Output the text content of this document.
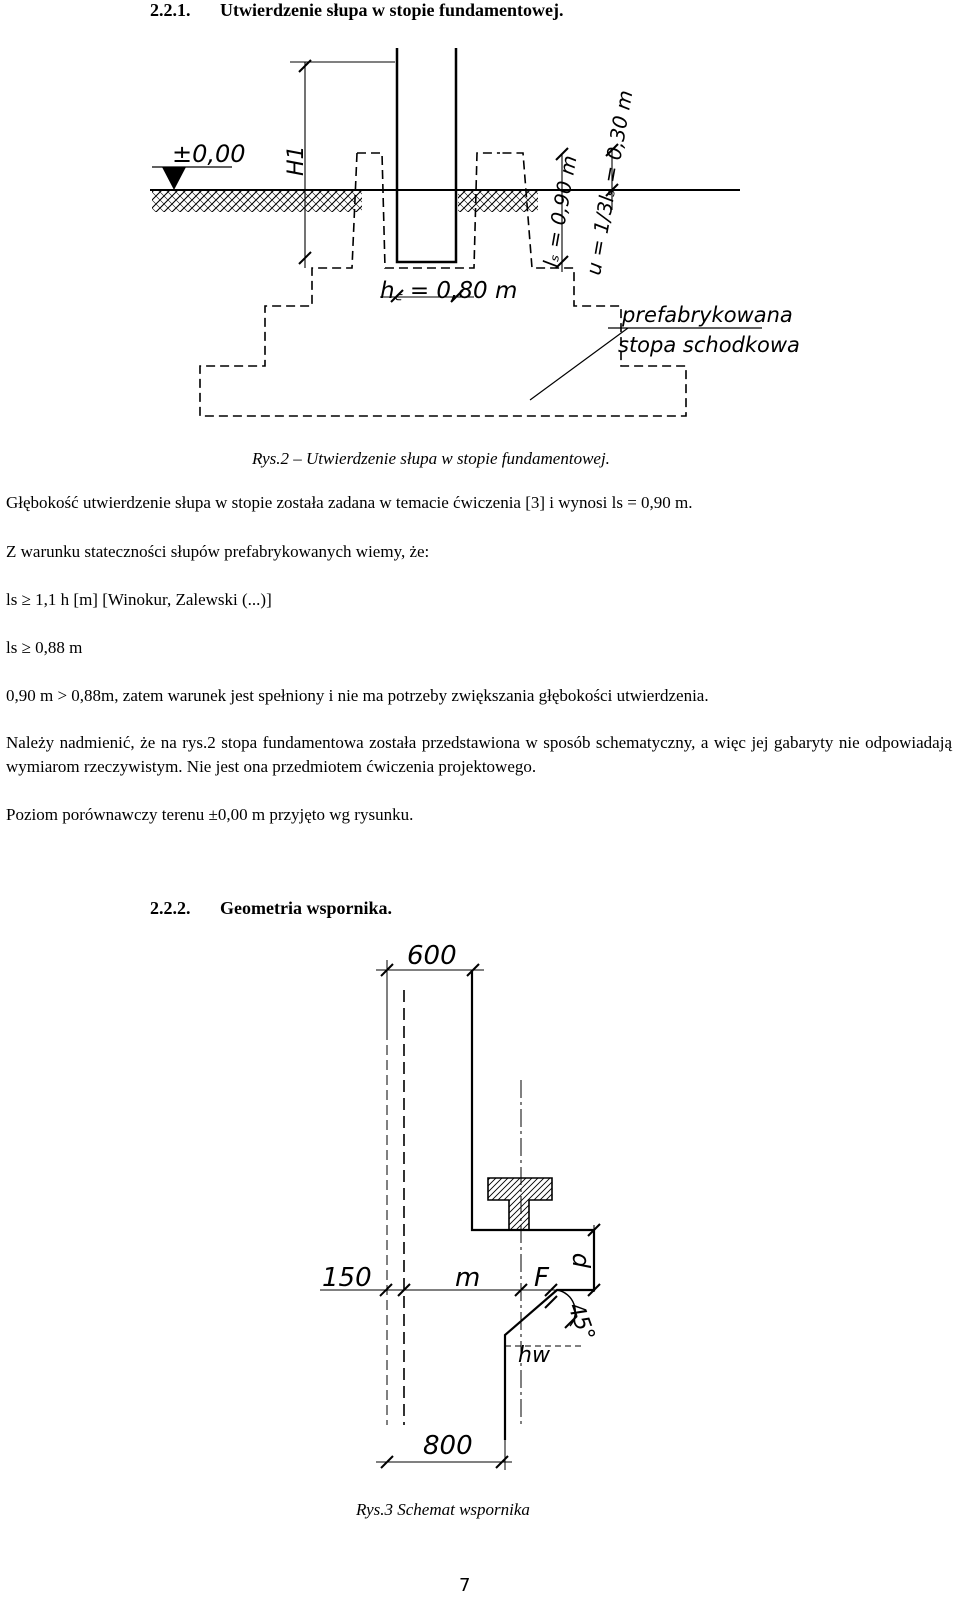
2.2.1. Utwierdzenie słupa w stopie fundamentowej.
H1
±0,00
h꜀ = 0,80 m
lₛ = 0,90 m u = 1/3lₛ = 0,30 m
prefabrykowana
stopa schodkowa
Rys.2 – Utwierdzenie słupa w stopie fundamentowej.
Głębokość utwierdzenie słupa w stopie została zadana w temacie ćwiczenia [3] i wynosi ls = 0,90 m.
Z warunku stateczności słupów prefabrykowanych wiemy, że:
ls ≥ 1,1 h [m] [Winokur, Zalewski (...)]
ls ≥ 0,88 m
0,90 m > 0,88m, zatem warunek jest spełniony i nie ma potrzeby zwiększania głębokości utwierdzenia.
Należy nadmienić, że na rys.2 stopa fundamentowa została przedstawiona w sposób schematyczny, a więc jej gabaryty nie odpowiadają wymiarom rzeczywistym. Nie jest ona przedmiotem ćwiczenia projektowego.
Poziom porównawczy terenu ±0,00 m przyjęto wg rysunku.
2.2.2. Geometria wspornika.
600
150	m F
p
45°
hw
800
Rys.3 Schemat wspornika
7
